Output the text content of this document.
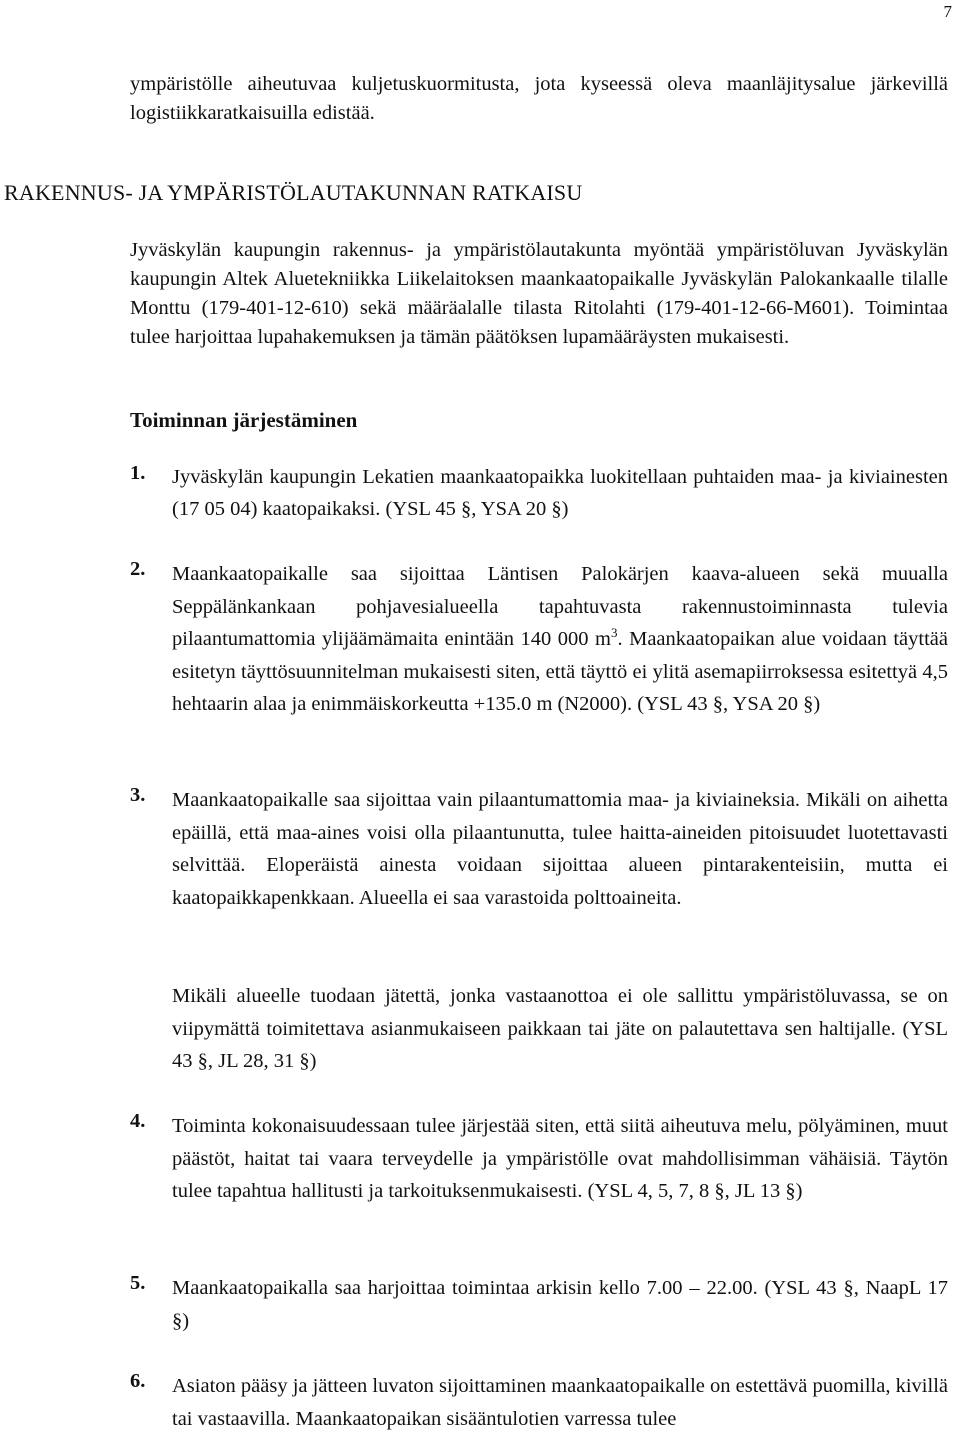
7
ympäristölle aiheutuvaa kuljetuskuormitusta, jota kyseessä oleva maanläjitysalue järkevillä logistiikkaratkaisuilla edistää.
RAKENNUS- JA YMPÄRISTÖLAUTAKUNNAN RATKAISU
Jyväskylän kaupungin rakennus- ja ympäristölautakunta myöntää ympäristöluvan Jyväskylän kaupungin Altek Aluetekniikka Liikelaitoksen maankaatopaikalle Jyväskylän Palokankaalle tilalle Monttu (179-401-12-610) sekä määräalalle tilasta Ritolahti (179-401-12-66-M601). Toimintaa tulee harjoittaa lupahakemuksen ja tämän päätöksen lupamääräysten mukaisesti.
Toiminnan järjestäminen
1. Jyväskylän kaupungin Lekatien maankaatopaikka luokitellaan puhtaiden maa- ja kiviainesten (17 05 04) kaatopaikaksi. (YSL 45 §, YSA 20 §)
2. Maankaatopaikalle saa sijoittaa Läntisen Palokärjen kaava-alueen sekä muualla Seppälänkankaan pohjavesialueella tapahtuvasta rakennustoiminnasta tulevia pilaantumattomia ylijäämämaita enintään 140 000 $m^3$. Maankaatopaikan alue voidaan täyttää esitetyn täyttösuunnitelman mukaisesti siten, että täyttö ei ylitä asemapiirroksessa esitettyä 4,5 hehtaarin alaa ja enimmäiskorkeutta +135.0 m (N2000). (YSL 43 §, YSA 20 §)
3. Maankaatopaikalle saa sijoittaa vain pilaantumattomia maa- ja kiviaineksia. Mikäli on aihetta epäillä, että maa-aines voisi olla pilaantunutta, tulee haitta-aineiden pitoisuudet luotettavasti selvittää. Eloperäistä ainesta voidaan sijoittaa alueen pintarakenteisiin, mutta ei kaatopaikkapenkkaan. Alueella ei saa varastoida polttoaineita.
Mikäli alueelle tuodaan jätettä, jonka vastaanottoa ei ole sallittu ympäristöluvassa, se on viipymättä toimitettava asianmukaiseen paikkaan tai jäte on palautettava sen haltijalle. (YSL 43 §, JL 28, 31 §)
4. Toiminta kokonaisuudessaan tulee järjestää siten, että siitä aiheutuva melu, pölyäminen, muut päästöt, haitat tai vaara terveydelle ja ympäristölle ovat mahdollisimman vähäisiä. Täytön tulee tapahtua hallitusti ja tarkoituksenmukaisesti. (YSL 4, 5, 7, 8 §, JL 13 §)
5. Maankaatopaikalla saa harjoittaa toimintaa arkisin kello 7.00 – 22.00. (YSL 43 §, NaapL 17 §)
6. Asiaton pääsy ja jätteen luvaton sijoittaminen maankaatopaikalle on estettävä puomilla, kivillä tai vastaavilla. Maankaatopaikan sisääntulotien varressa tulee
